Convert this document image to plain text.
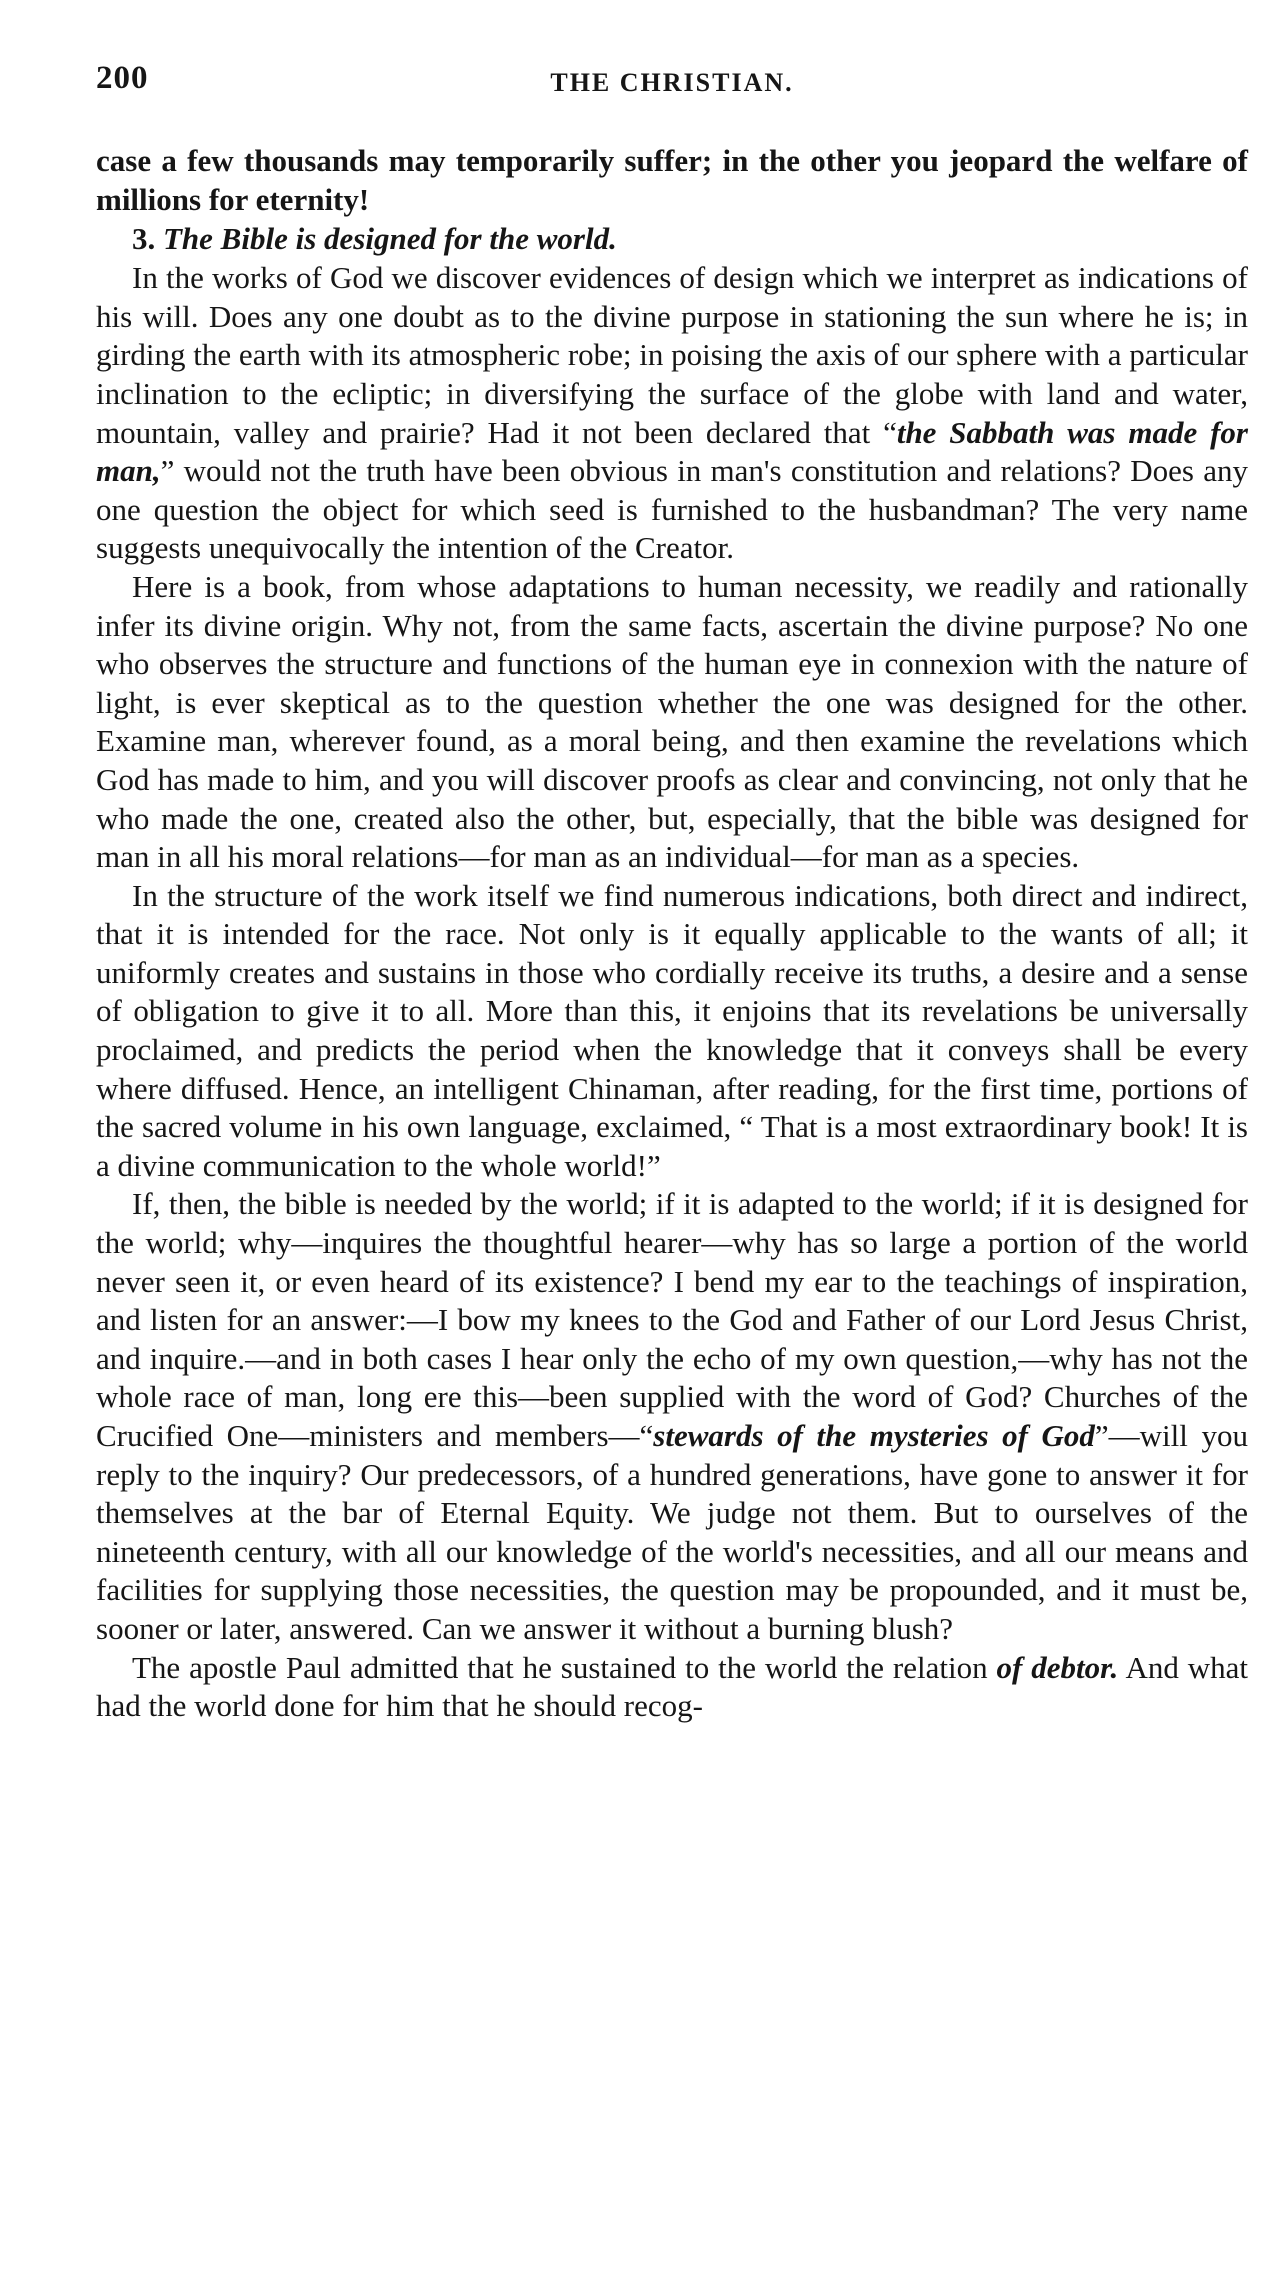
200	THE CHRISTIAN.

case a few thousands may temporarily suffer; in the other you jeopard the welfare of millions for eternity!

3. The Bible is designed for the world.

In the works of God we discover evidences of design which we interpret as indications of his will. Does any one doubt as to the divine purpose in stationing the sun where he is; in girding the earth with its atmospheric robe; in poising the axis of our sphere with a particular inclination to the ecliptic; in diversifying the surface of the globe with land and water, mountain, valley and prairie? Had it not been declared that “the Sabbath was made for man,” would not the truth have been obvious in man's constitution and relations? Does any one question the object for which seed is furnished to the husbandman? The very name suggests unequivocally the intention of the Creator.

Here is a book, from whose adaptations to human necessity, we readily and rationally infer its divine origin. Why not, from the same facts, ascertain the divine purpose? No one who observes the structure and functions of the human eye in connexion with the nature of light, is ever skeptical as to the question whether the one was designed for the other. Examine man, wherever found, as a moral being, and then examine the revelations which God has made to him, and you will discover proofs as clear and convincing, not only that he who made the one, created also the other, but, especially, that the bible was designed for man in all his moral relations—for man as an individual—for man as a species.

In the structure of the work itself we find numerous indications, both direct and indirect, that it is intended for the race. Not only is it equally applicable to the wants of all; it uniformly creates and sustains in those who cordially receive its truths, a desire and a sense of obligation to give it to all. More than this, it enjoins that its revelations be universally proclaimed, and predicts the period when the knowledge that it conveys shall be every where diffused. Hence, an intelligent Chinaman, after reading, for the first time, portions of the sacred volume in his own language, exclaimed, “ That is a most extraordinary book! It is a divine communication to the whole world!”

If, then, the bible is needed by the world; if it is adapted to the world; if it is designed for the world; why—inquires the thoughtful hearer—why has so large a portion of the world never seen it, or even heard of its existence? I bend my ear to the teachings of inspiration, and listen for an answer:—I bow my knees to the God and Father of our Lord Jesus Christ, and inquire.—and in both cases I hear only the echo of my own question,—why has not the whole race of man, long ere this—been supplied with the word of God? Churches of the Crucified One—ministers and members—“stewards of the mysteries of God”—will you reply to the inquiry? Our predecessors, of a hundred generations, have gone to answer it for themselves at the bar of Eternal Equity. We judge not them. But to ourselves of the nineteenth century, with all our knowledge of the world's necessities, and all our means and facilities for supplying those necessities, the question may be propounded, and it must be, sooner or later, answered. Can we answer it without a burning blush?

The apostle Paul admitted that he sustained to the world the relation of debtor. And what had the world done for him that he should recog-
